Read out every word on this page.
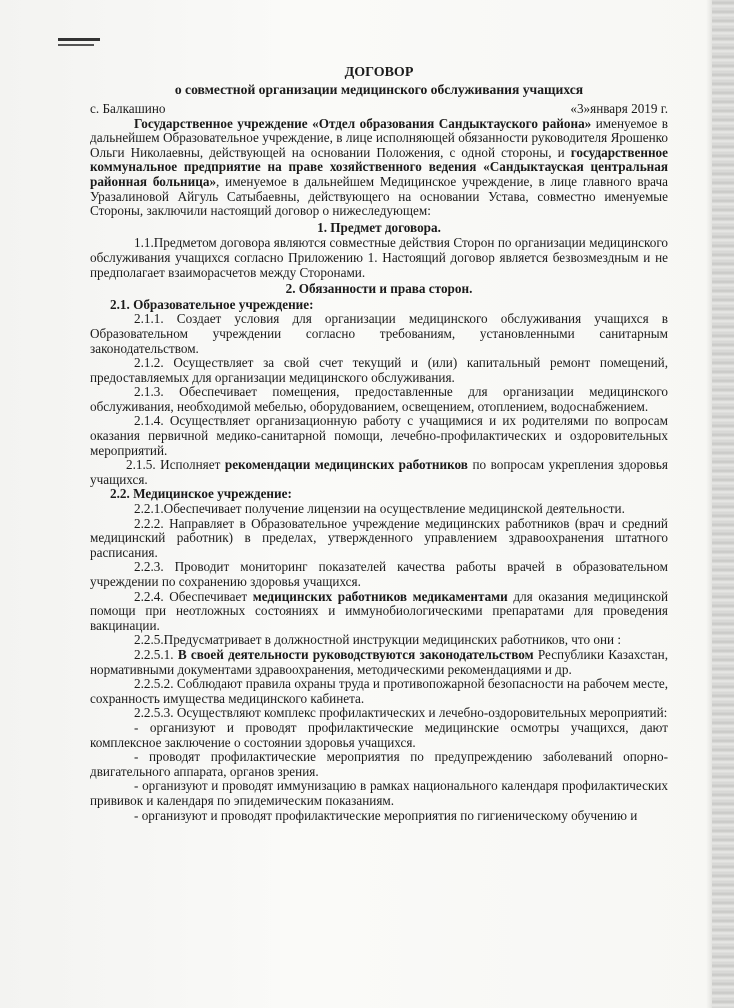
ДОГОВОР

о совместной организации медицинского обслуживания учащихся

с. Балкашино	«3»января 2019 г.

Государственное учреждение «Отдел образования Сандыктауского района» именуемое в дальнейшем Образовательное учреждение, в лице исполняющей обязанности руководителя Ярошенко Ольги Николаевны, действующей на основании Положения, с одной стороны, и государственное коммунальное предприятие на праве хозяйственного ведения «Сандыктауская центральная районная больница», именуемое в дальнейшем Медицинское учреждение, в лице главного врача Уразалиновой Айгуль Сатыбаевны, действующего на основании Устава, совместно именуемые Стороны, заключили настоящий договор о нижеследующем:

1. Предмет договора.

1.1.Предметом договора являются совместные действия Сторон по организации медицинского обслуживания учащихся согласно Приложению 1. Настоящий договор является безвозмездным и не предполагает взаиморасчетов между Сторонами.

2. Обязанности и права сторон.

2.1. Образовательное учреждение:

2.1.1. Создает условия для организации медицинского обслуживания учащихся в Образовательном учреждении согласно требованиям, установленными санитарным законодательством.

2.1.2. Осуществляет за свой счет текущий и (или) капитальный ремонт помещений, предоставляемых для организации медицинского обслуживания.

2.1.3. Обеспечивает помещения, предоставленные для организации медицинского обслуживания, необходимой мебелью, оборудованием, освещением, отоплением, водоснабжением.

2.1.4. Осуществляет организационную работу с учащимися и их родителями по вопросам оказания первичной медико-санитарной помощи, лечебно-профилактических и оздоровительных мероприятий.

2.1.5. Исполняет рекомендации медицинских работников по вопросам укрепления здоровья учащихся.

2.2. Медицинское учреждение:

2.2.1.Обеспечивает получение лицензии на осуществление медицинской деятельности.

2.2.2. Направляет в Образовательное учреждение медицинских работников (врач и средний медицинский работник) в пределах, утвержденного управлением здравоохранения штатного расписания.

2.2.3. Проводит мониторинг показателей качества работы врачей в образовательном учреждении по сохранению здоровья учащихся.

2.2.4. Обеспечивает медицинских работников медикаментами для оказания медицинской помощи при неотложных состояниях и иммунобиологическими препаратами для проведения вакцинации.

2.2.5.Предусматривает в должностной инструкции медицинских работников, что они :

2.2.5.1. В своей деятельности руководствуются законодательством Республики Казахстан, нормативными документами здравоохранения, методическими рекомендациями и др.

2.2.5.2. Соблюдают правила охраны труда и противопожарной безопасности на рабочем месте, сохранность имущества медицинского кабинета.

2.2.5.3. Осуществляют комплекс профилактических и лечебно-оздоровительных мероприятий:

- организуют и проводят профилактические медицинские осмотры учащихся, дают комплексное заключение о состоянии здоровья учащихся.

- проводят профилактические мероприятия по предупреждению заболеваний опорно-двигательного аппарата, органов зрения.

- организуют и проводят иммунизацию в рамках национального календаря профилактических прививок и календаря по эпидемическим показаниям.

- организуют и проводят профилактические мероприятия по гигиеническому обучению и
